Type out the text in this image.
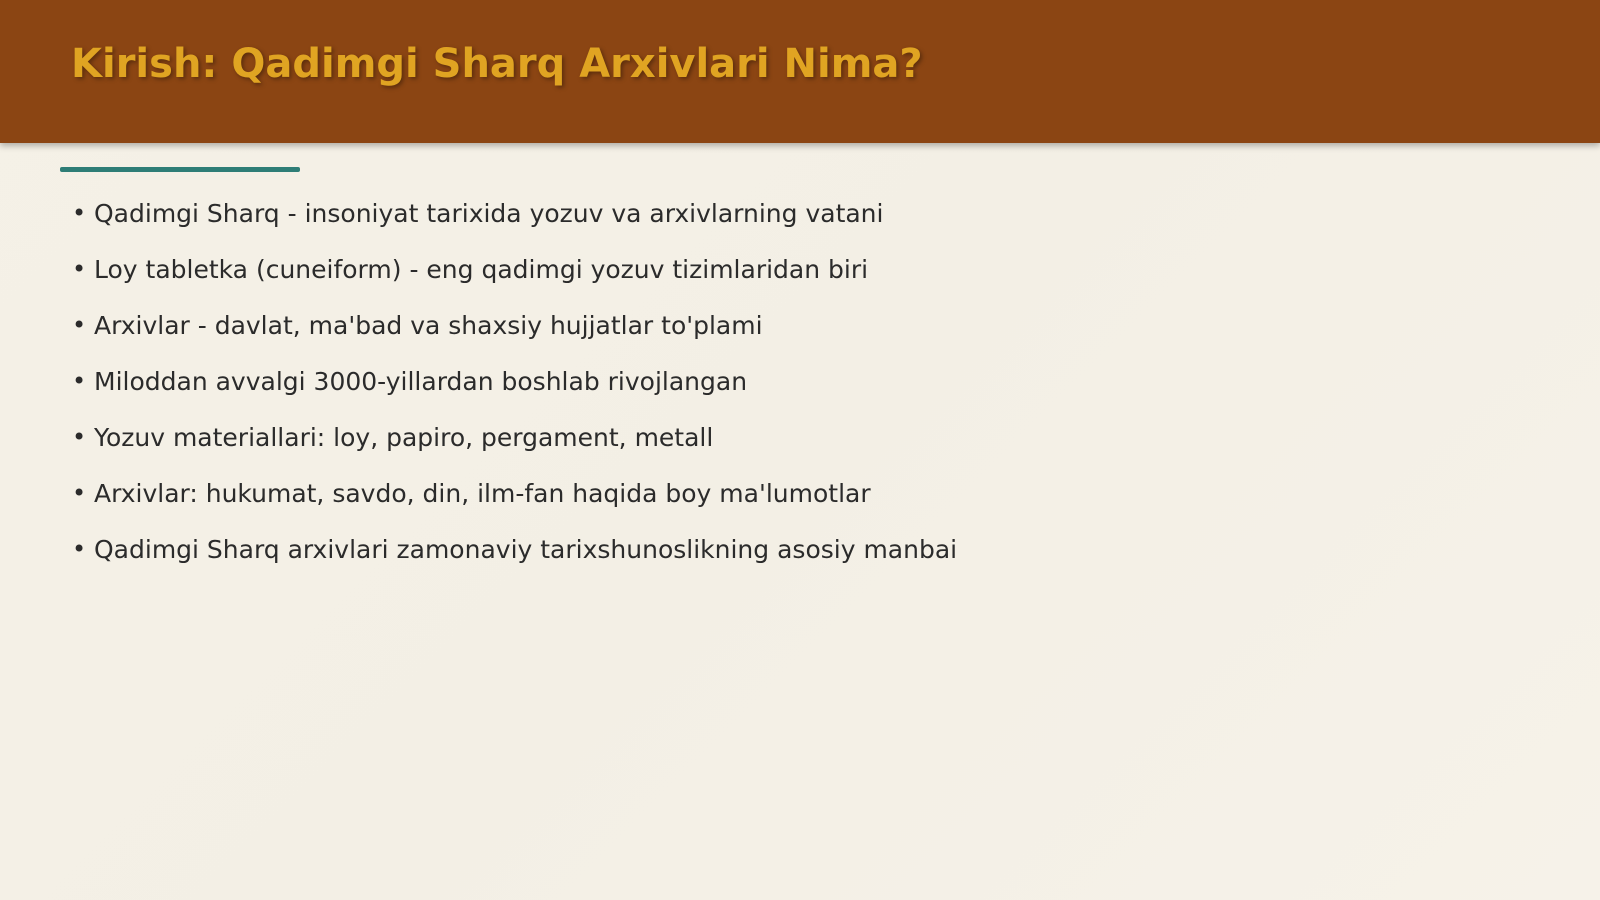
Kirish: Qadimgi Sharq Arxivlari Nima?
• Qadimgi Sharq - insoniyat tarixida yozuv va arxivlarning vatani
• Loy tabletka (cuneiform) - eng qadimgi yozuv tizimlaridan biri
• Arxivlar - davlat, ma'bad va shaxsiy hujjatlar to'plami
• Miloddan avvalgi 3000-yillardan boshlab rivojlangan
• Yozuv materiallari: loy, papiro, pergament, metall
• Arxivlar: hukumat, savdo, din, ilm-fan haqida boy ma'lumotlar
• Qadimgi Sharq arxivlari zamonaviy tarixshunoslikning asosiy manbai
